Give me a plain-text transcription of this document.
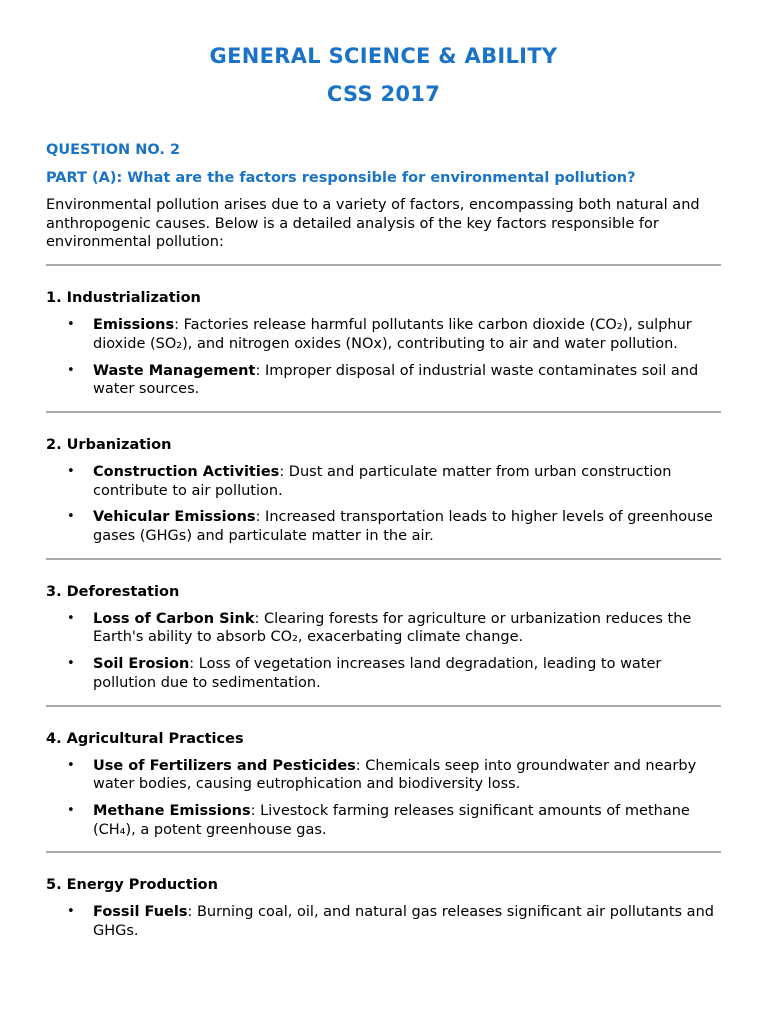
GENERAL SCIENCE & ABILITY
CSS 2017

QUESTION NO. 2

PART (A): What are the factors responsible for environmental pollution?

Environmental pollution arises due to a variety of factors, encompassing both natural and anthropogenic causes. Below is a detailed analysis of the key factors responsible for environmental pollution:

1. Industrialization

• Emissions: Factories release harmful pollutants like carbon dioxide (CO₂), sulphur dioxide (SO₂), and nitrogen oxides (NOx), contributing to air and water pollution.
• Waste Management: Improper disposal of industrial waste contaminates soil and water sources.

2. Urbanization

• Construction Activities: Dust and particulate matter from urban construction contribute to air pollution.
• Vehicular Emissions: Increased transportation leads to higher levels of greenhouse gases (GHGs) and particulate matter in the air.

3. Deforestation

• Loss of Carbon Sink: Clearing forests for agriculture or urbanization reduces the Earth's ability to absorb CO₂, exacerbating climate change.
• Soil Erosion: Loss of vegetation increases land degradation, leading to water pollution due to sedimentation.

4. Agricultural Practices

• Use of Fertilizers and Pesticides: Chemicals seep into groundwater and nearby water bodies, causing eutrophication and biodiversity loss.
• Methane Emissions: Livestock farming releases significant amounts of methane (CH₄), a potent greenhouse gas.

5. Energy Production

• Fossil Fuels: Burning coal, oil, and natural gas releases significant air pollutants and GHGs.
